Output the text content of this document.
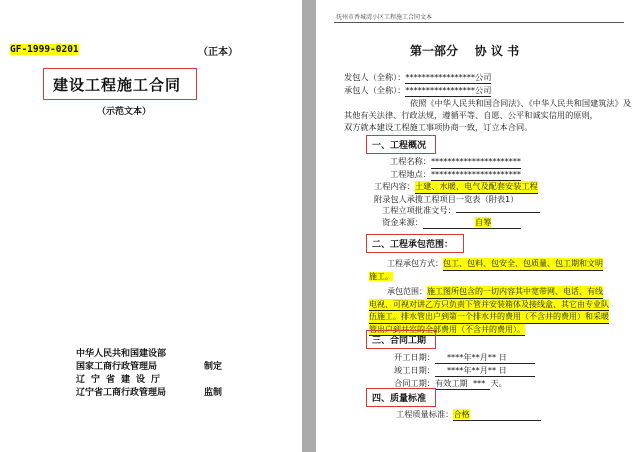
GF-1999-0201	（正本）
建设工程施工合同
（示范文本）
中华人民共和国建设部
国家工商行政管理局	制定
辽宁省建设厅
辽宁省工商行政管理局	监制
抚州市香城湾小区工程施工合同文本
第一部分    协 议 书
发包人（全称）：*****************公司
承包人（全称）：*****************公司
依照《中华人民共和国合同法》、《中华人民共和国建筑法》及
其他有关法律、行政法规，遵循平等、自愿、公平和诚实信用的原则，
双方就本建设工程施工事项协商一致，订立本合同。
一、工程概况
工程名称：**********************
工程地点：**********************
工程内容：土建、水暖、电气及配套安装工程
附录包人承揽工程项目一览表（附表1）
工程立项批准文号：
资金来源：	自筹
二、工程承包范围：
工程承包方式：包工、包料、包安全、包质量、包工期和文明
施工。
承包范围：施工图所包含的一切内容其中宽带网、电话、有线
电视、可视对讲乙方只负责下管并安装箱体及接线盒、其它由专业队
伍施工。排水管出户到第一个排水井的费用（不含井的费用）和采暖
管出户到井室的全部费用（不含井的费用）。
三、合同工期
开工日期： ****年**月** 日
竣工日期： ****年**月** 日
合同工期：有效工期 *** 天。
四、质量标准
工程质量标准：合格
